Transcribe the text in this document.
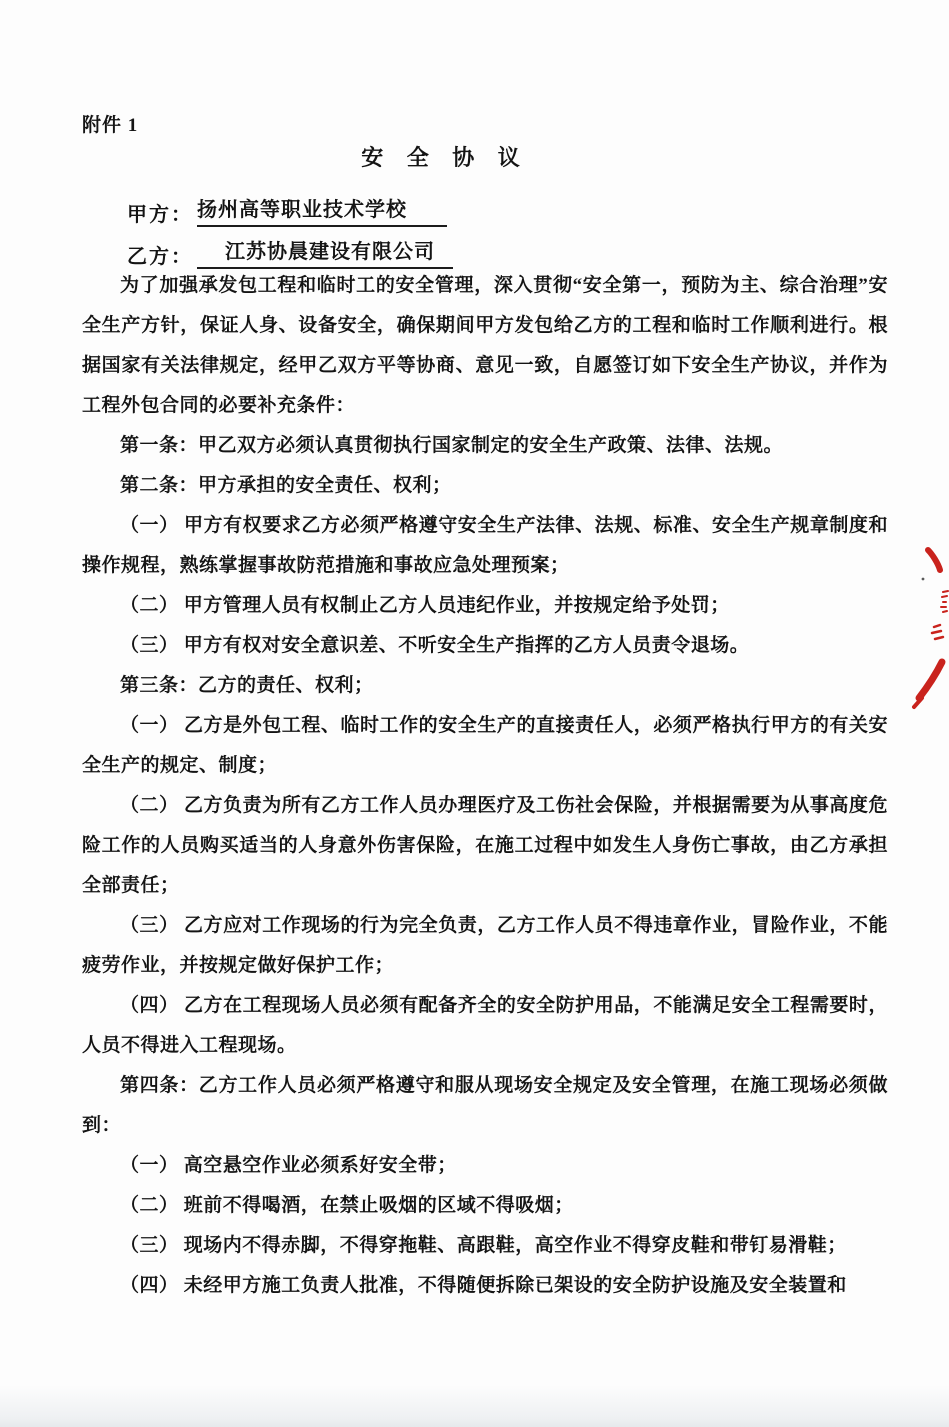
附件 1
安 全 协 议
甲方： 扬州高等职业技术学校
乙方：	江苏协晨建设有限公司

为了加强承发包工程和临时工的安全管理，深入贯彻“安全第一，预防为主、综合治理”安全生产方针，保证人身、设备安全，确保期间甲方发包给乙方的工程和临时工作顺利进行。根据国家有关法律规定，经甲乙双方平等协商、意见一致，自愿签订如下安全生产协议，并作为工程外包合同的必要补充条件：

第一条：甲乙双方必须认真贯彻执行国家制定的安全生产政策、法律、法规。

第二条：甲方承担的安全责任、权利；

（一） 甲方有权要求乙方必须严格遵守安全生产法律、法规、标准、安全生产规章制度和操作规程，熟练掌握事故防范措施和事故应急处理预案；

（二） 甲方管理人员有权制止乙方人员违纪作业，并按规定给予处罚；

（三） 甲方有权对安全意识差、不听安全生产指挥的乙方人员责令退场。

第三条：乙方的责任、权利；

（一） 乙方是外包工程、临时工作的安全生产的直接责任人，必须严格执行甲方的有关安全生产的规定、制度；

（二） 乙方负责为所有乙方工作人员办理医疗及工伤社会保险，并根据需要为从事高度危险工作的人员购买适当的人身意外伤害保险，在施工过程中如发生人身伤亡事故，由乙方承担全部责任；

（三） 乙方应对工作现场的行为完全负责，乙方工作人员不得违章作业，冒险作业，不能疲劳作业，并按规定做好保护工作；

（四） 乙方在工程现场人员必须有配备齐全的安全防护用品，不能满足安全工程需要时，人员不得进入工程现场。

第四条：乙方工作人员必须严格遵守和服从现场安全规定及安全管理，在施工现场必须做到：

（一） 高空悬空作业必须系好安全带；

（二） 班前不得喝酒，在禁止吸烟的区域不得吸烟；

（三） 现场内不得赤脚，不得穿拖鞋、高跟鞋，高空作业不得穿皮鞋和带钉易滑鞋；

（四） 未经甲方施工负责人批准，不得随便拆除已架设的安全防护设施及安全装置和
